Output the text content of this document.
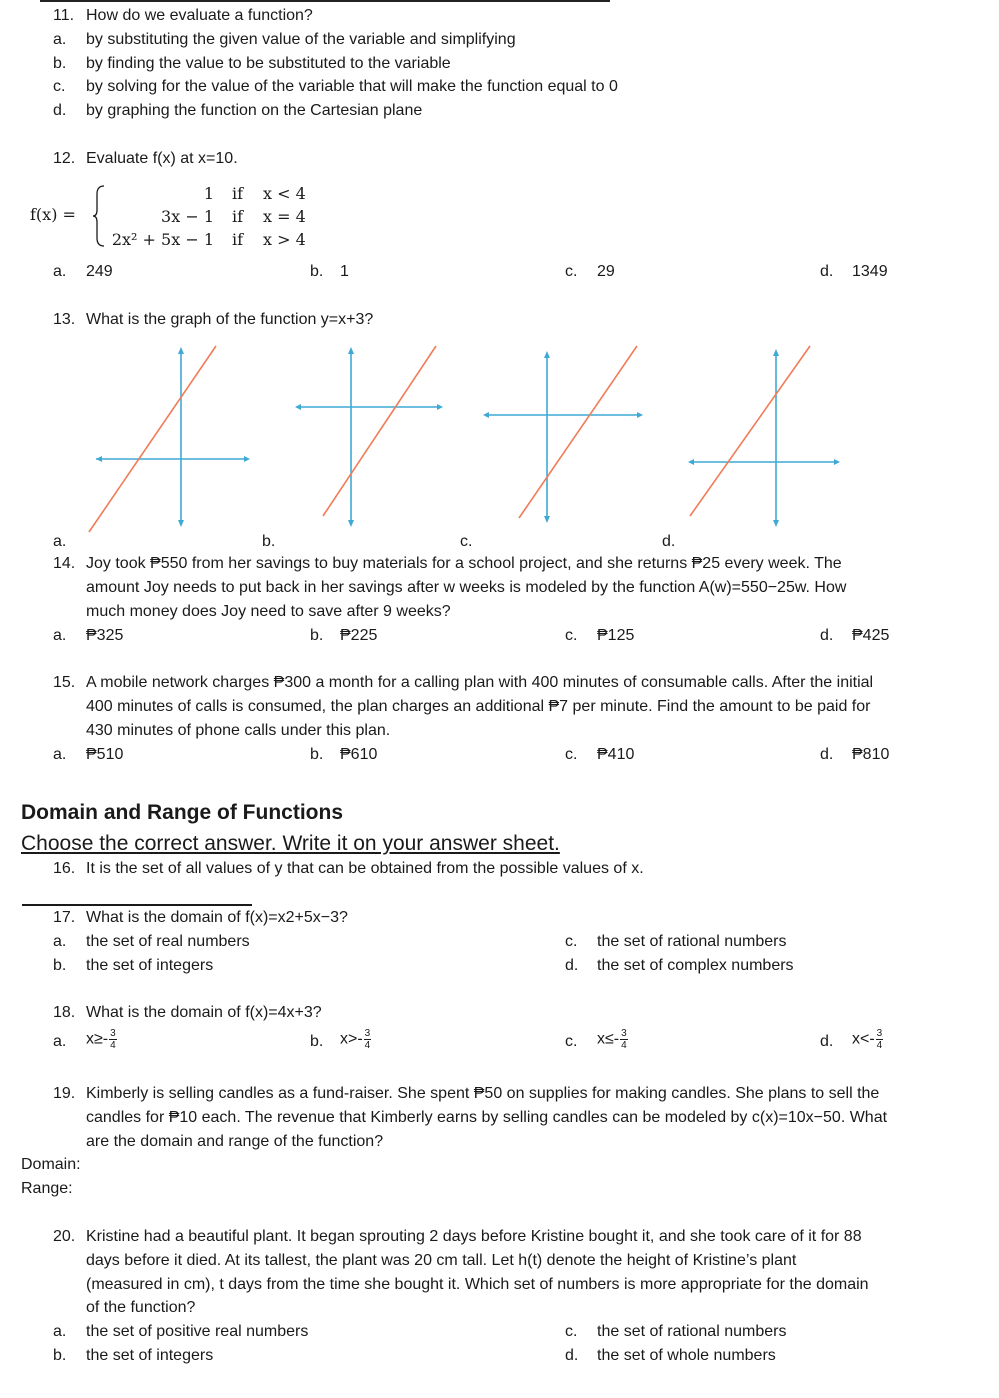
11. How do we evaluate a function?
a. by substituting the given value of the variable and simplifying
b. by finding the value to be substituted to the variable
c. by solving for the value of the variable that will make the function equal to 0
d. by graphing the function on the Cartesian plane
12. Evaluate f(x) at x=10.
f(x) =
1 if x < 4
3x − 1 if x = 4
2x² + 5x − 1 if x > 4
a. 249	b. 1	c. 29	d. 1349
13. What is the graph of the function y=x+3?
a.	b.	c.	d.
14. Joy took ₱550 from her savings to buy materials for a school project, and she returns ₱25 every week. The
amount Joy needs to put back in her savings after w weeks is modeled by the function A(w)=550−25w. How
much money does Joy need to save after 9 weeks?
a. ₱325	b. ₱225	c. ₱125	d. ₱425
15. A mobile network charges ₱300 a month for a calling plan with 400 minutes of consumable calls. After the initial
400 minutes of calls is consumed, the plan charges an additional ₱7 per minute. Find the amount to be paid for
430 minutes of phone calls under this plan.
a. ₱510	b. ₱610	c. ₱410	d. ₱810
Domain and Range of Functions
Choose the correct answer. Write it on your answer sheet.
16. It is the set of all values of y that can be obtained from the possible values of x.
17. What is the domain of f(x)=x2+5x−3?
a. the set of real numbers
b. the set of integers
c. the set of rational numbers
d. the set of complex numbers
18. What is the domain of f(x)=4x+3?
a. $x\ge- \frac{3}{4}$	b. $x>- \frac{3}{4}$	c. $x\le- \frac{3}{4}$	d. $x<- \frac{3}{4}$
19. Kimberly is selling candles as a fund-raiser. She spent ₱50 on supplies for making candles. She plans to sell the
candles for ₱10 each. The revenue that Kimberly earns by selling candles can be modeled by c(x)=10x−50. What
are the domain and range of the function?
Domain:
Range:
20. Kristine had a beautiful plant. It began sprouting 2 days before Kristine bought it, and she took care of it for 88
days before it died. At its tallest, the plant was 20 cm tall. Let h(t) denote the height of Kristine’s plant
(measured in cm), t days from the time she bought it. Which set of numbers is more appropriate for the domain
of the function?
a. the set of positive real numbers
b. the set of integers
c. the set of rational numbers
d. the set of whole numbers
